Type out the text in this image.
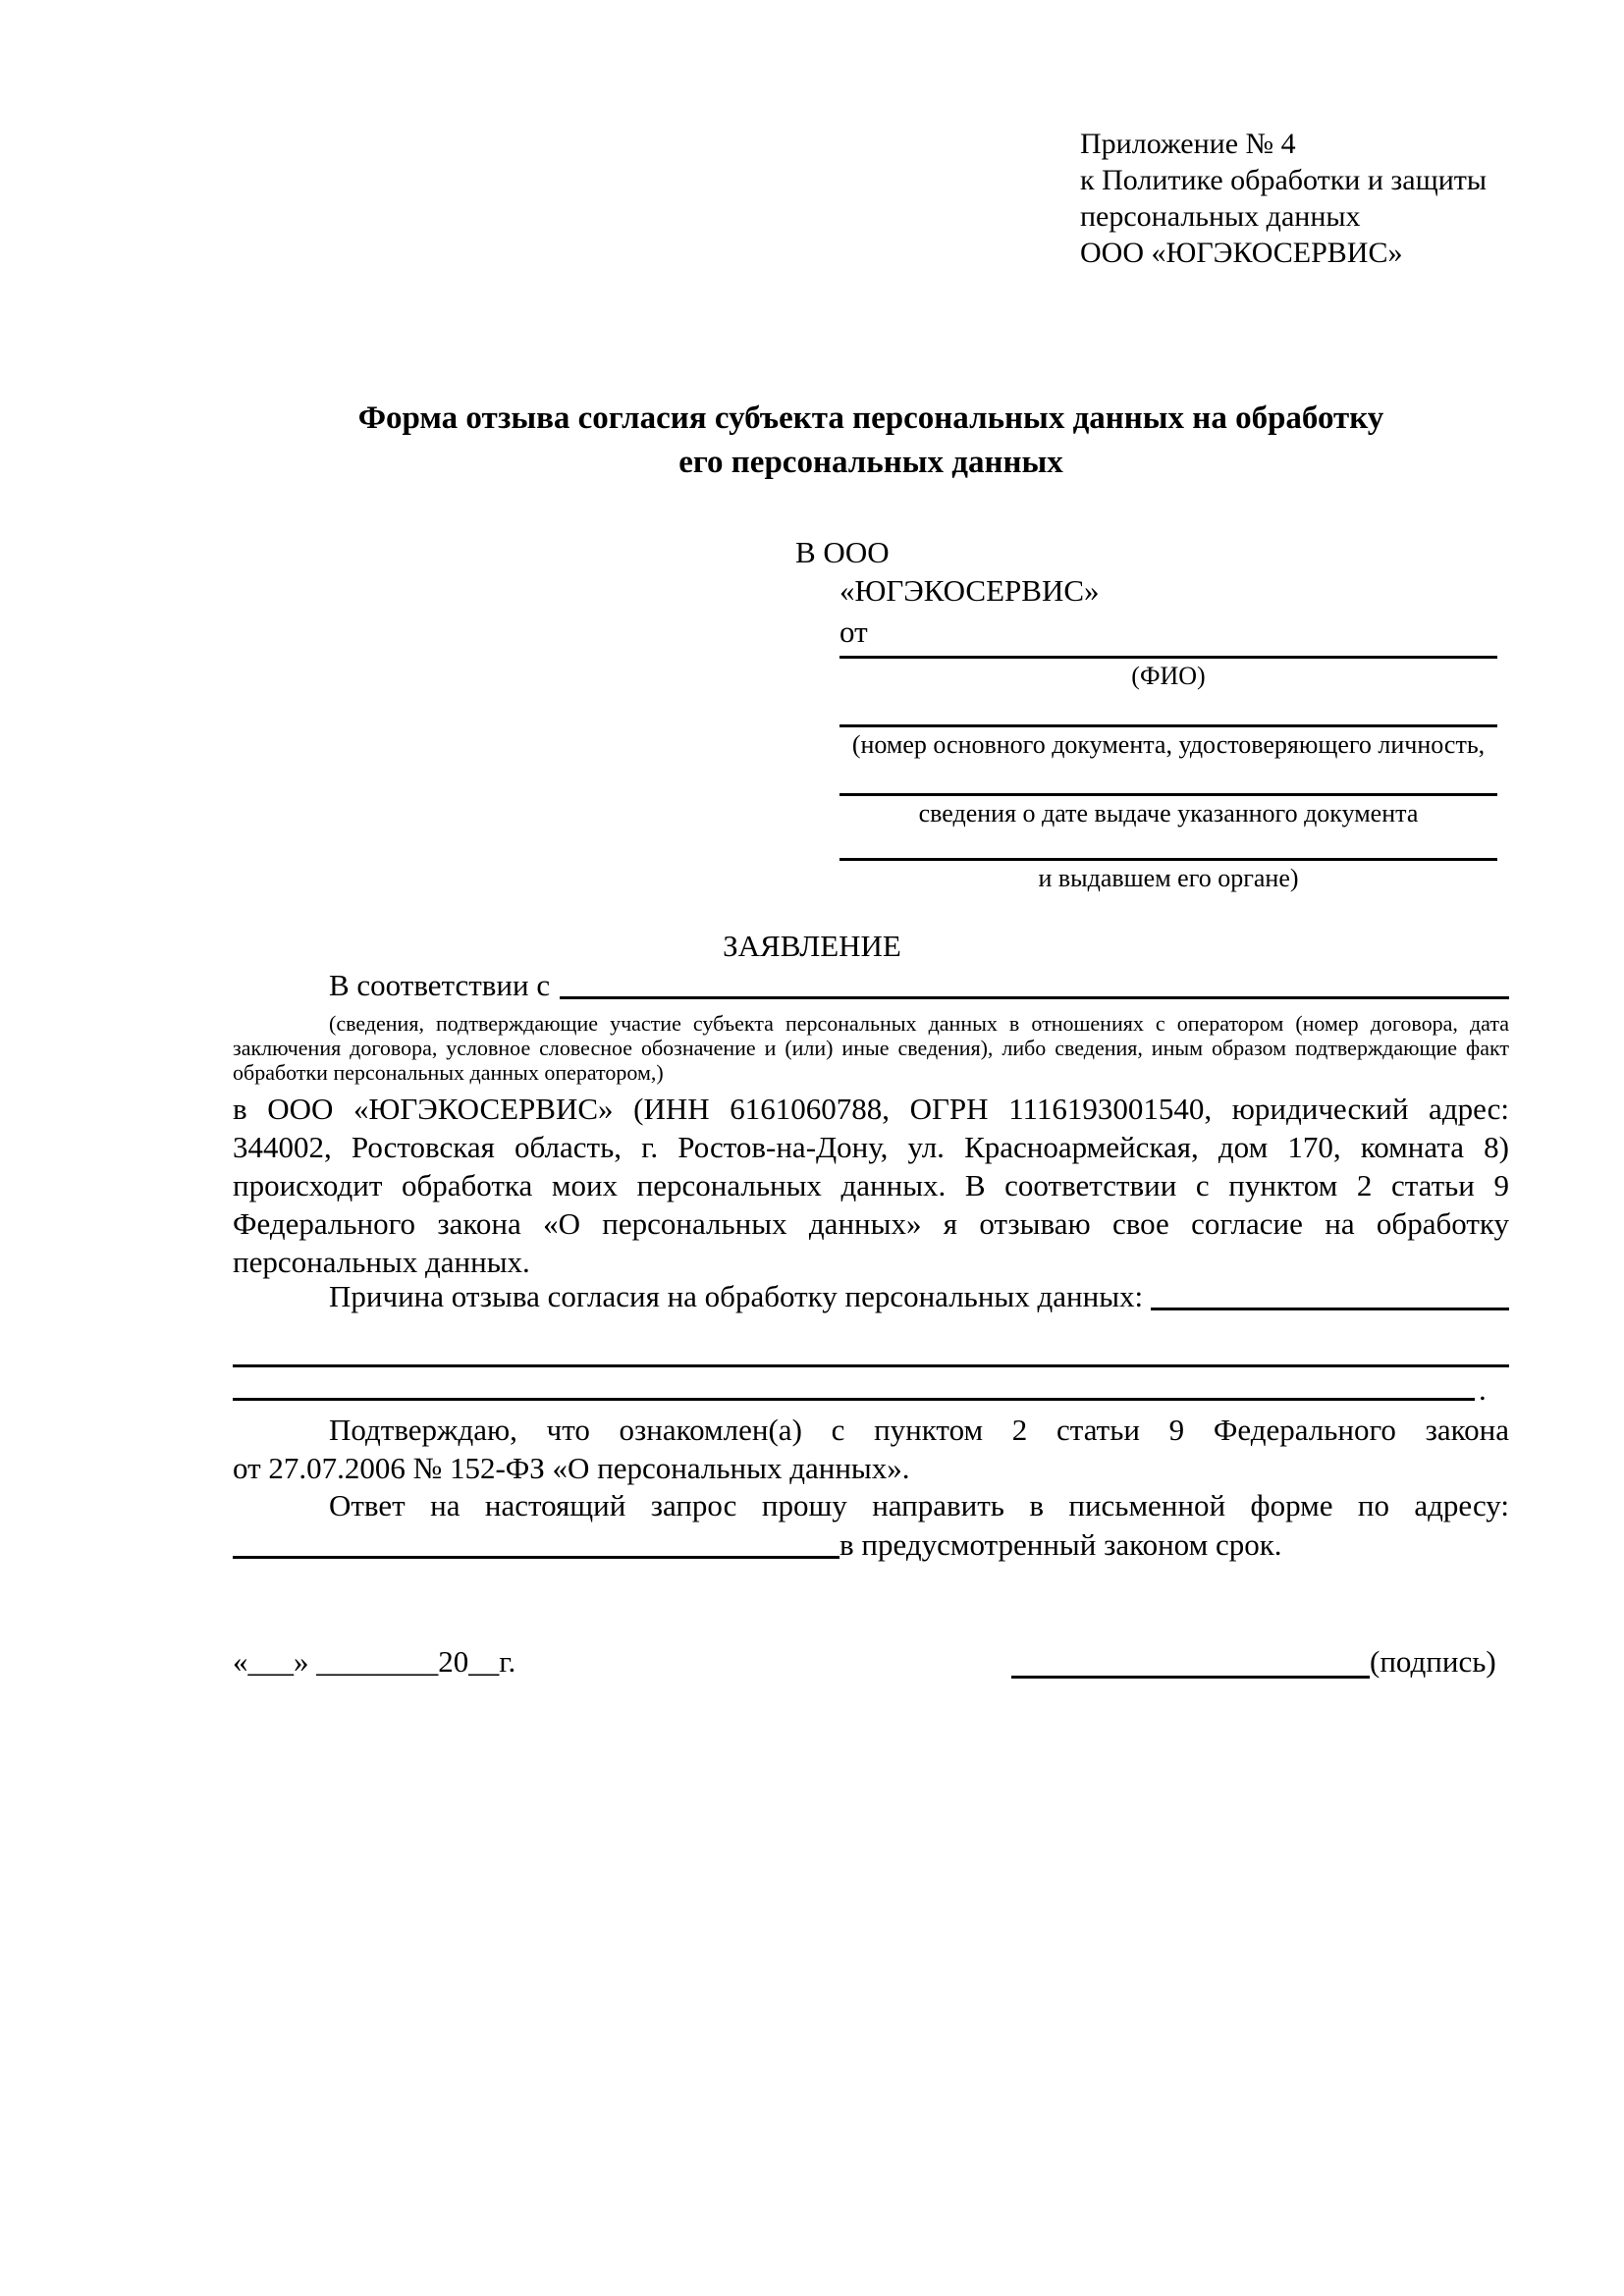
Приложение № 4
к Политике обработки и защиты
персональных данных
ООО «ЮГЭКОСЕРВИС»
Форма отзыва согласия субъекта персональных данных на обработку
его персональных данных
В ООО
«ЮГЭКОСЕРВИС»
от
(ФИО)
(номер основного документа, удостоверяющего личность,
сведения о дате выдаче указанного документа
и выдавшем его органе)
ЗАЯВЛЕНИЕ
В соответствии с
(сведения, подтверждающие участие субъекта персональных данных в отношениях с оператором (номер договора, дата
заключения договора, условное словесное обозначение и (или) иные сведения), либо сведения, иным образом подтверждающие факт
обработки персональных данных оператором,)
в ООО «ЮГЭКОСЕРВИС» (ИНН 6161060788, ОГРН 1116193001540, юридический адрес:
344002, Ростовская область, г. Ростов-на-Дону, ул. Красноармейская, дом 170, комната 8)
происходит обработка моих персональных данных. В соответствии с пунктом 2 статьи 9
Федерального закона «О персональных данных» я отзываю свое согласие на обработку
персональных данных.
Причина отзыва согласия на обработку персональных данных:
.
Подтверждаю, что ознакомлен(а) с пунктом 2 статьи 9 Федерального закона
от 27.07.2006 № 152-ФЗ «О персональных данных».
Ответ на настоящий запрос прошу направить в письменной форме по адресу:
в предусмотренный законом срок.
«___» ________20__г.	(подпись)
